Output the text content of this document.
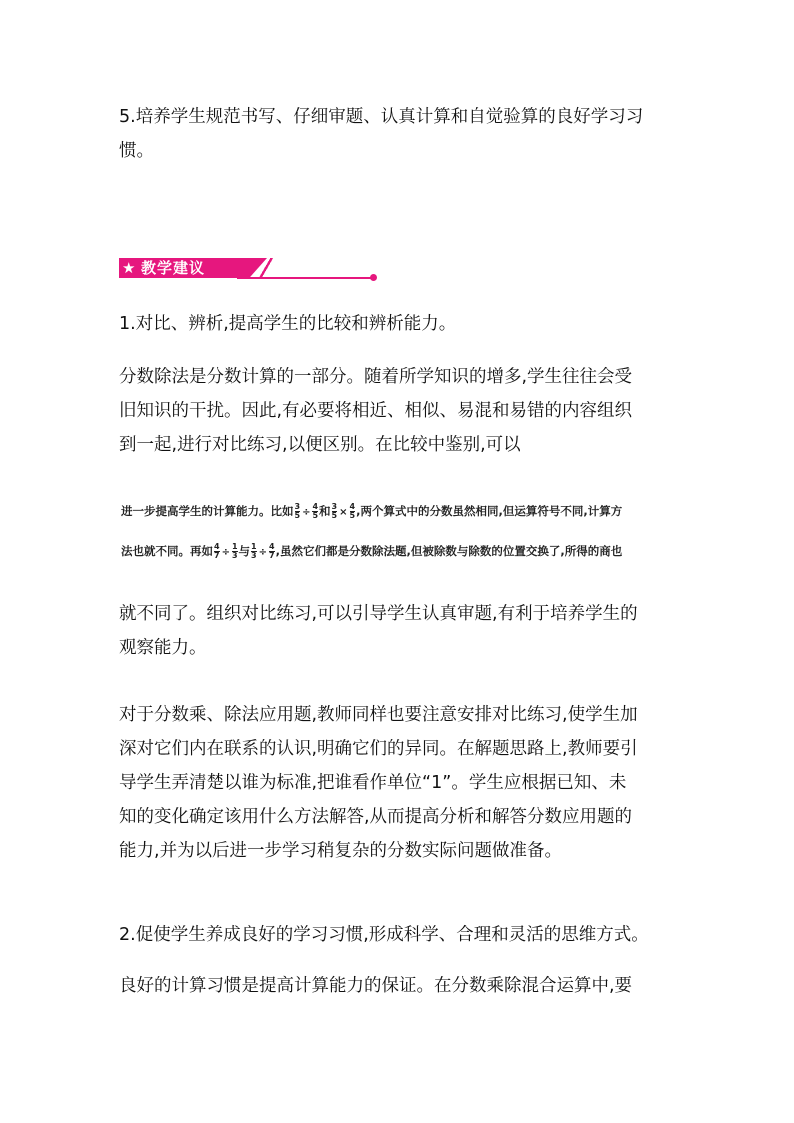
5.培养学生规范书写、仔细审题、认真计算和自觉验算的良好学习习
惯。

★ 教学建议

1.对比、辨析,提高学生的比较和辨析能力。

分数除法是分数计算的一部分。随着所学知识的增多,学生往往会受
旧知识的干扰。因此,有必要将相近、相似、易混和易错的内容组织
到一起,进行对比练习,以便区别。在比较中鉴别,可以

进一步提高学生的计算能力。比如 $\frac{3}{5} \div \frac{4}{5}$ 和 $\frac{3}{5} \times \frac{4}{5}$ ,两个算式中的分数虽然相同,但运算符号不同,计算方
法也就不同。再如 $\frac{4}{7} \div \frac{1}{3}$ 与 $\frac{1}{3} \div \frac{4}{7}$ ,虽然它们都是分数除法题,但被除数与除数的位置交换了,所得的商也

就不同了。组织对比练习,可以引导学生认真审题,有利于培养学生的
观察能力。

对于分数乘、除法应用题,教师同样也要注意安排对比练习,使学生加
深对它们内在联系的认识,明确它们的异同。在解题思路上,教师要引
导学生弄清楚以谁为标准,把谁看作单位“1”。学生应根据已知、未
知的变化确定该用什么方法解答,从而提高分析和解答分数应用题的
能力,并为以后进一步学习稍复杂的分数实际问题做准备。

2.促使学生养成良好的学习习惯,形成科学、合理和灵活的思维方式。

良好的计算习惯是提高计算能力的保证。在分数乘除混合运算中,要
